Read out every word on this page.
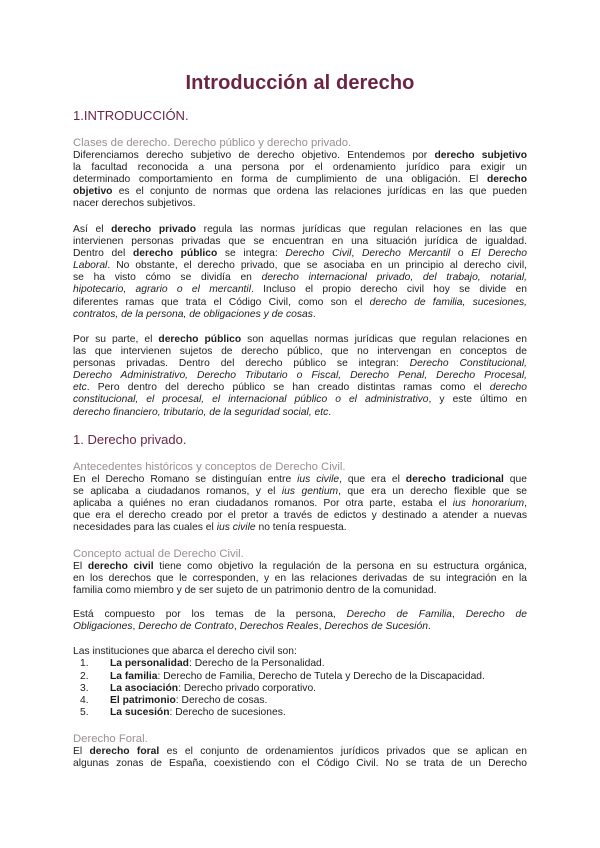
Introducción al derecho
1.INTRODUCCIÓN.
Clases de derecho. Derecho público y derecho privado.
Diferenciamos derecho subjetivo de derecho objetivo. Entendemos por derecho subjetivo
la facultad reconocida a una persona por el ordenamiento jurídico para exigir un
determinado comportamiento en forma de cumplimiento de una obligación. El derecho
objetivo es el conjunto de normas que ordena las relaciones jurídicas en las que pueden
nacer derechos subjetivos.
Así el derecho privado regula las normas jurídicas que regulan relaciones en las que
intervienen personas privadas que se encuentran en una situación jurídica de igualdad.
Dentro del derecho público se integra: Derecho Civil, Derecho Mercantil o El Derecho
Laboral. No obstante, el derecho privado, que se asociaba en un principio al derecho civil,
se ha visto cómo se dividía en derecho internacional privado, del trabajo, notarial,
hipotecario, agrario o el mercantil. Incluso el propio derecho civil hoy se divide en
diferentes ramas que trata el Código Civil, como son el derecho de familia, sucesiones,
contratos, de la persona, de obligaciones y de cosas.
Por su parte, el derecho público son aquellas normas jurídicas que regulan relaciones en
las que intervienen sujetos de derecho público, que no intervengan en conceptos de
personas privadas. Dentro del derecho público se integran: Derecho Constitucional,
Derecho Administrativo, Derecho Tributario o Fiscal, Derecho Penal, Derecho Procesal,
etc. Pero dentro del derecho público se han creado distintas ramas como el derecho
constitucional, el procesal, el internacional público o el administrativo, y este último en
derecho financiero, tributario, de la seguridad social, etc.
1. Derecho privado.
Antecedentes históricos y conceptos de Derecho Civil.
En el Derecho Romano se distinguían entre ius civile, que era el derecho tradicional que
se aplicaba a ciudadanos romanos, y el ius gentium, que era un derecho flexible que se
aplicaba a quiénes no eran ciudadanos romanos. Por otra parte, estaba el ius honorarium,
que era el derecho creado por el pretor a través de edictos y destinado a atender a nuevas
necesidades para las cuales el ius civile no tenía respuesta.
Concepto actual de Derecho Civil.
El derecho civil tiene como objetivo la regulación de la persona en su estructura orgánica,
en los derechos que le corresponden, y en las relaciones derivadas de su integración en la
familia como miembro y de ser sujeto de un patrimonio dentro de la comunidad.
Está compuesto por los temas de la persona, Derecho de Familia, Derecho de
Obligaciones, Derecho de Contrato, Derechos Reales, Derechos de Sucesión.
Las instituciones que abarca el derecho civil son:
1.	La personalidad: Derecho de la Personalidad.
2.	La familia: Derecho de Familia, Derecho de Tutela y Derecho de la Discapacidad.
3.	La asociación: Derecho privado corporativo.
4.	El patrimonio: Derecho de cosas.
5.	La sucesión: Derecho de sucesiones.
Derecho Foral.
El derecho foral es el conjunto de ordenamientos jurídicos privados que se aplican en
algunas zonas de España, coexistiendo con el Código Civil. No se trata de un Derecho
